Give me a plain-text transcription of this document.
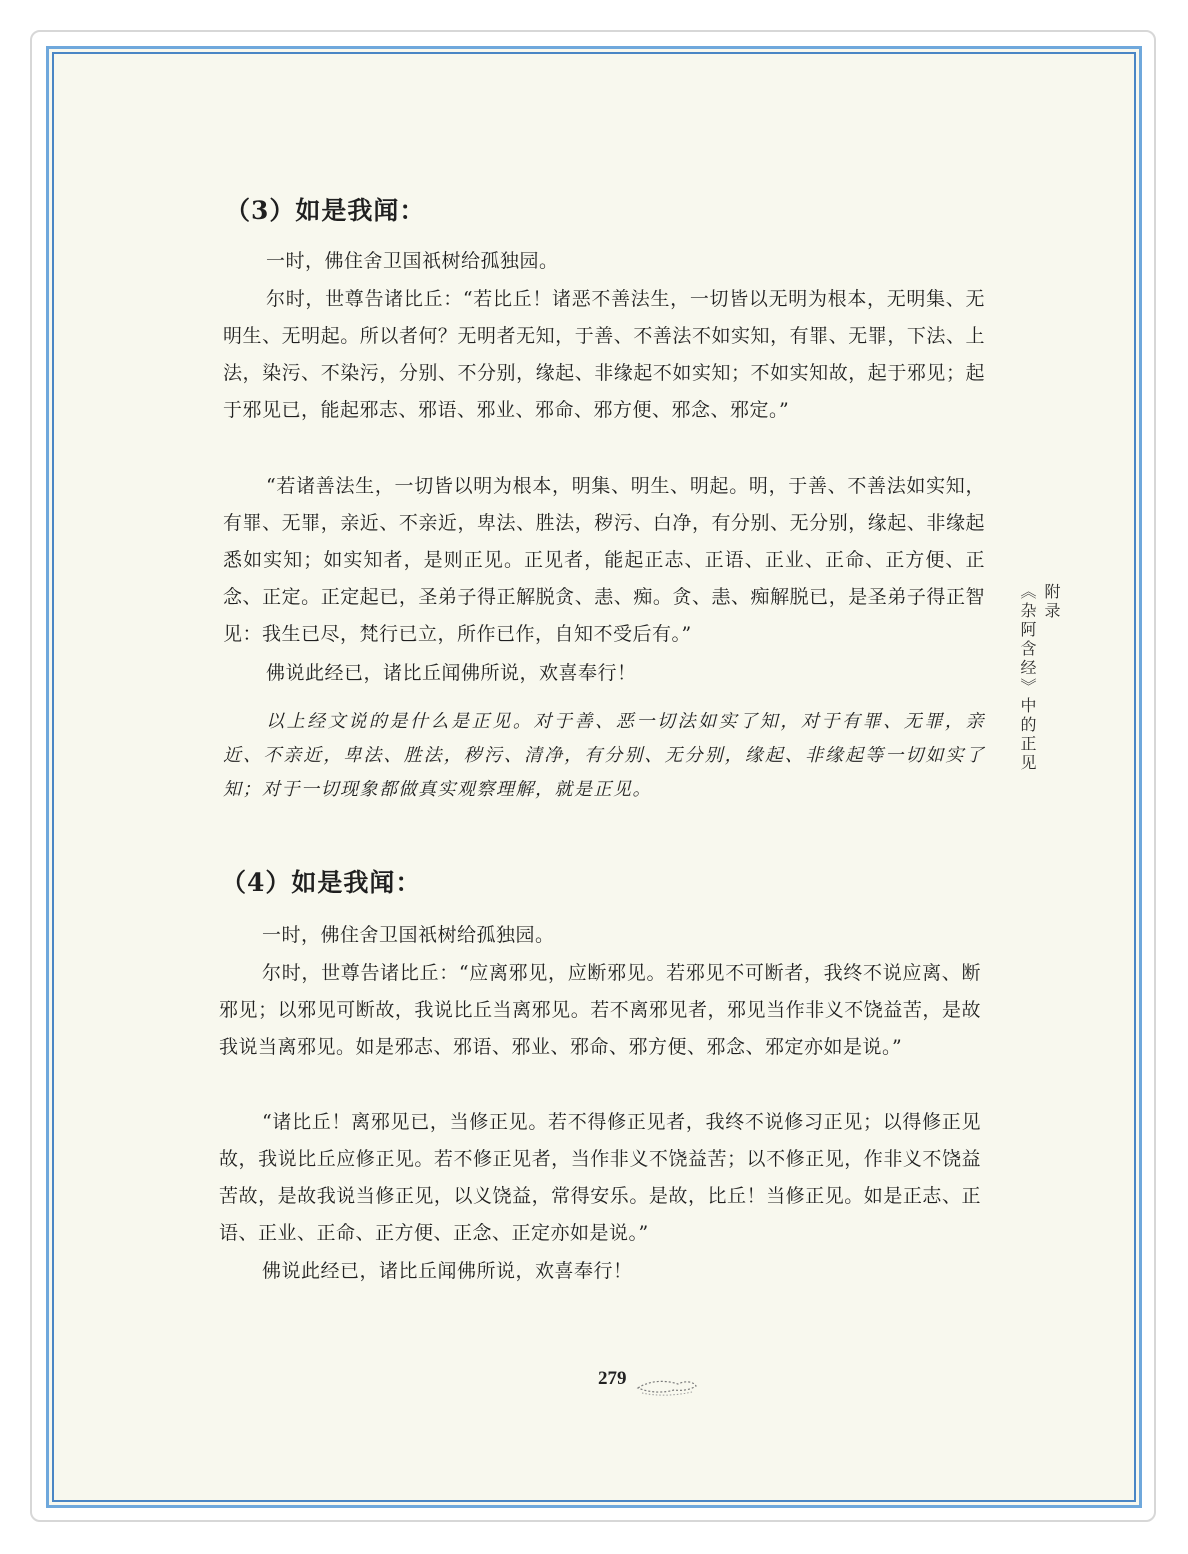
（3）如是我闻：

一时，佛住舍卫国祇树给孤独园。

尔时，世尊告诸比丘：“若比丘！诸恶不善法生，一切皆以无明为根本，无明集、无明生、无明起。所以者何？无明者无知，于善、不善法不如实知，有罪、无罪，下法、上法，染污、不染污，分别、不分别，缘起、非缘起不如实知；不如实知故，起于邪见；起于邪见已，能起邪志、邪语、邪业、邪命、邪方便、邪念、邪定。”

“若诸善法生，一切皆以明为根本，明集、明生、明起。明，于善、不善法如实知，有罪、无罪，亲近、不亲近，卑法、胜法，秽污、白净，有分别、无分别，缘起、非缘起悉如实知；如实知者，是则正见。正见者，能起正志、正语、正业、正命、正方便、正念、正定。正定起已，圣弟子得正解脱贪、恚、痴。贪、恚、痴解脱已，是圣弟子得正智见：我生已尽，梵行已立，所作已作，自知不受后有。”

佛说此经已，诸比丘闻佛所说，欢喜奉行！

以上经文说的是什么是正见。对于善、恶一切法如实了知，对于有罪、无罪，亲近、不亲近，卑法、胜法，秽污、清净，有分别、无分别，缘起、非缘起等一切如实了知；对于一切现象都做真实观察理解，就是正见。

（4）如是我闻：

一时，佛住舍卫国祇树给孤独园。

尔时，世尊告诸比丘：“应离邪见，应断邪见。若邪见不可断者，我终不说应离、断邪见；以邪见可断故，我说比丘当离邪见。若不离邪见者，邪见当作非义不饶益苦，是故我说当离邪见。如是邪志、邪语、邪业、邪命、邪方便、邪念、邪定亦如是说。”

“诸比丘！离邪见已，当修正见。若不得修正见者，我终不说修习正见；以得修正见故，我说比丘应修正见。若不修正见者，当作非义不饶益苦；以不修正见，作非义不饶益苦故，是故我说当修正见，以义饶益，常得安乐。是故，比丘！当修正见。如是正志、正语、正业、正命、正方便、正念、正定亦如是说。”

佛说此经已，诸比丘闻佛所说，欢喜奉行！

附录
《杂阿含经》中的正见
279
